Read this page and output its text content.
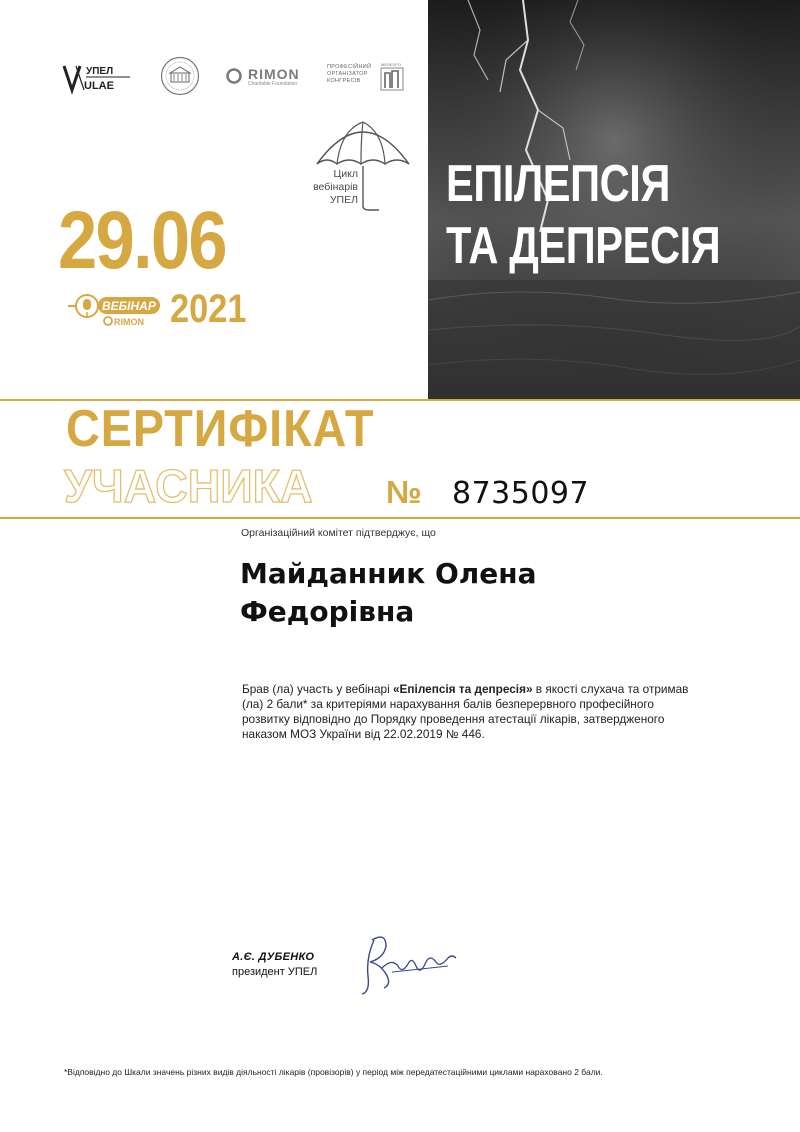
УПЕЛ
ULAE
RIMON
Charitable Foundation
ПРОФЕСІЙНИЙ
ОРГАНІЗАТОР
КОНГРЕСІВ
MEDEXPO
Цикл
вебінарів
УПЕЛ
29.06
ВЕБІНАР
RIMON 2021
ЕПІЛЕПСІЯ
ТА ДЕПРЕСІЯ
СЕРТИФІКАТ
УЧАСНИКА № 8735097
Організаційний комітет підтверджує, що
Майданник Олена Федорівна
Брав (ла) участь у вебінарі «Епілепсія та депресія» в якості слухача та отримав (ла) 2 бали* за критеріями нарахування балів безперервного професійного розвитку відповідно до Порядку проведення атестації лікарів, затвердженого наказом МОЗ України від 22.02.2019 № 446.
А.Є. ДУБЕНКО
президент УПЕЛ
*Відповідно до Шкали значень різних видів діяльності лікарів (провізорів) у період між передатестаційними циклами нараховано 2 бали.
